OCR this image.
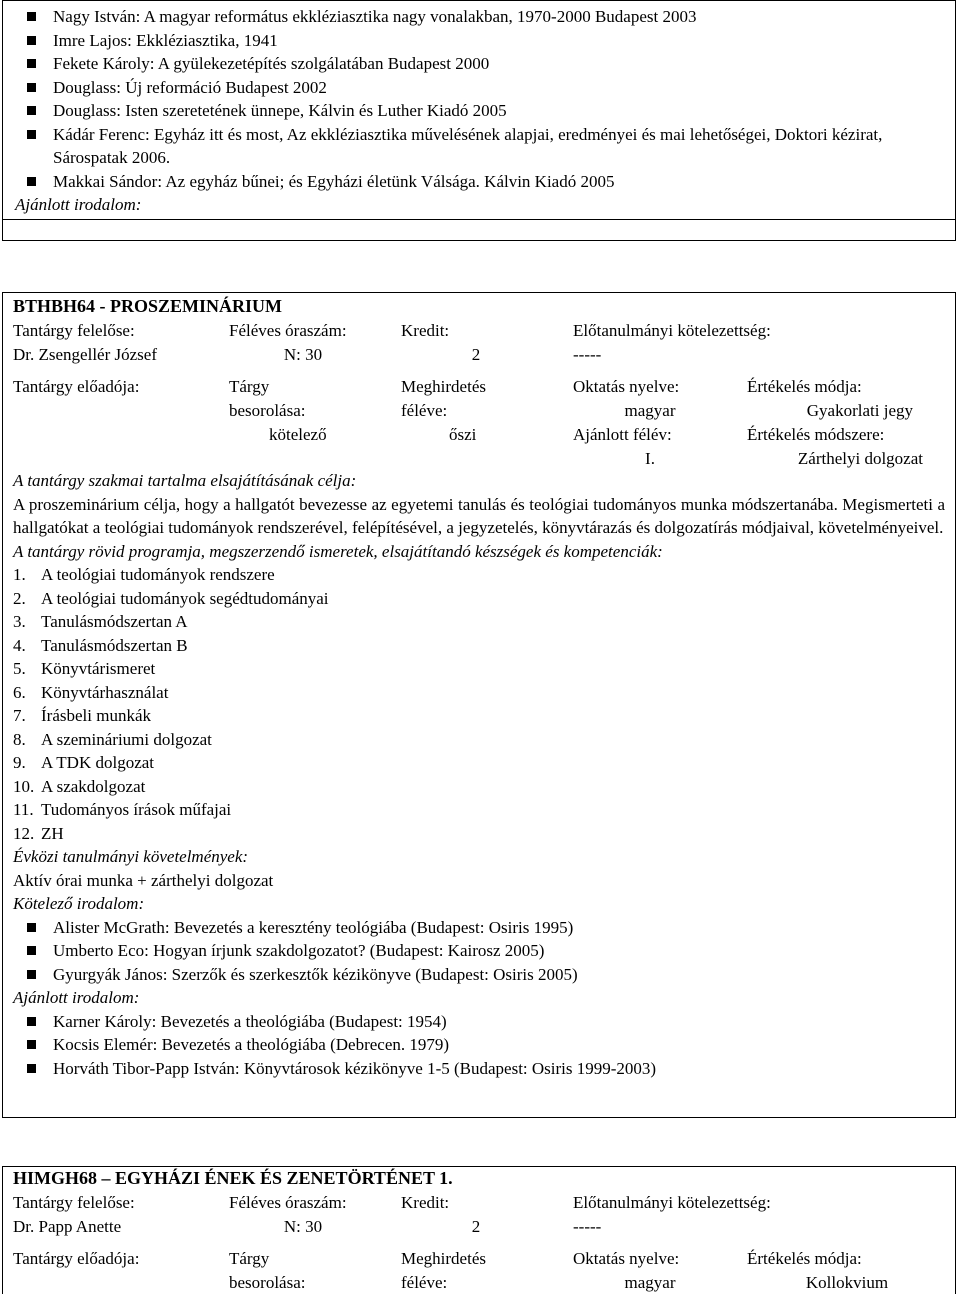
Nagy István: A magyar református ekkléziasztika nagy vonalakban, 1970-2000 Budapest 2003
Imre Lajos: Ekkléziasztika, 1941
Fekete Károly: A gyülekezetépítés szolgálatában Budapest 2000
Douglass: Új reformáció Budapest 2002
Douglass: Isten szeretetének ünnepe, Kálvin és Luther Kiadó 2005
Kádár Ferenc: Egyház itt és most, Az ekkléziasztika művelésének alapjai, eredményei és mai lehetőségei, Doktori kézirat, Sárospatak 2006.
Makkai Sándor: Az egyház bűnei; és Egyházi életünk Válsága. Kálvin Kiadó 2005
Ajánlott irodalom:
BTHBH64 - PROSZEMINÁRIUM
Tantárgy felelőse:
Dr. Zsengellér József
Féléves óraszám:
N: 30
Kredit:
2
Előtanulmányi kötelezettség:
-----
Tantárgy előadója:	Tárgy
besorolása:
kötelező
Meghirdetés
féléve:
őszi
Oktatás nyelve:
magyar
Ajánlott félév:
I.
Értékelés módja:
Gyakorlati jegy
Értékelés módszere:
Zárthelyi dolgozat
A tantárgy szakmai tartalma elsajátításának célja:
A proszeminárium célja, hogy a hallgatót bevezesse az egyetemi tanulás és teológiai tudományos munka módszertanába. Megismerteti a hallgatókat a teológiai tudományok rendszerével, felépítésével, a jegyzetelés, könyvtárazás és dolgozatírás módjaival, követelményeivel.
A tantárgy rövid programja, megszerzendő ismeretek, elsajátítandó készségek és kompetenciák:
1. A teológiai tudományok rendszere
2. A teológiai tudományok segédtudományai
3. Tanulásmódszertan A
4. Tanulásmódszertan B
5. Könyvtárismeret
6. Könyvtárhasználat
7. Írásbeli munkák
8. A szemináriumi dolgozat
9. A TDK dolgozat
10. A szakdolgozat
11. Tudományos írások műfajai
12. ZH
Évközi tanulmányi követelmények:
Aktív órai munka + zárthelyi dolgozat
Kötelező irodalom:
Alister McGrath: Bevezetés a keresztény teológiába (Budapest: Osiris 1995)
Umberto Eco: Hogyan írjunk szakdolgozatot? (Budapest: Kairosz 2005)
Gyurgyák János: Szerzők és szerkesztők kézikönyve (Budapest: Osiris 2005)
Ajánlott irodalom:
Karner Károly: Bevezetés a theológiába (Budapest: 1954)
Kocsis Elemér: Bevezetés a theológiába (Debrecen. 1979)
Horváth Tibor-Papp István: Könyvtárosok kézikönyve 1-5 (Budapest: Osiris 1999-2003)
HIMGH68 – EGYHÁZI ÉNEK ÉS ZENETÖRTÉNET 1.
Tantárgy felelőse:
Dr. Papp Anette
Féléves óraszám:
N: 30
Kredit:
2
Előtanulmányi kötelezettség:
-----
Tantárgy előadója:	Tárgy
besorolása:
Meghirdetés
féléve:
Oktatás nyelve:
magyar
Értékelés módja:
Kollokvium
